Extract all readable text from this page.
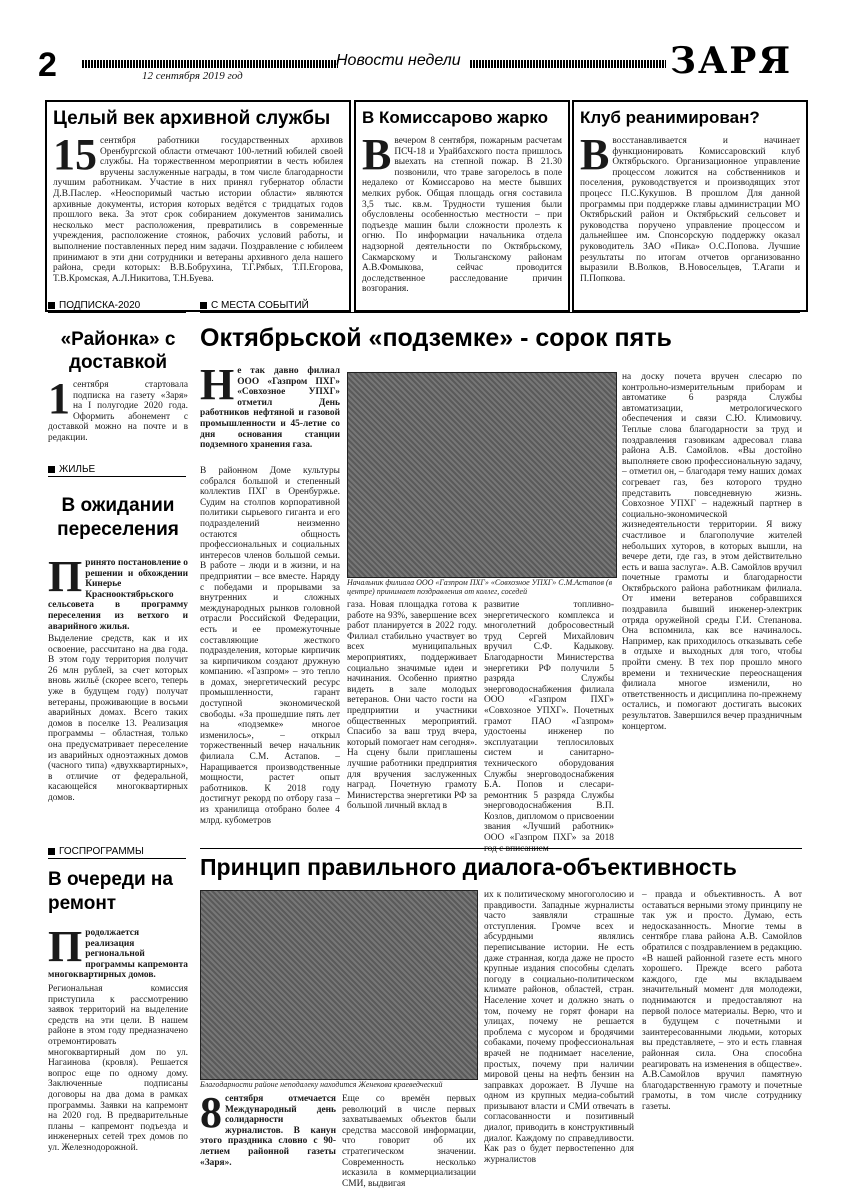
2	12 сентября 2019 год
Новости недели	ЗАРЯ
Целый век архивной службы
15 сентября работники государственных архивов Оренбургской области отмечают 100-летний юбилей своей службы. На торжественном мероприятии в честь юбилея вручены заслуженные награды, в том числе благодарности лучшим работникам. Участие в них принял губернатор области Д.В.Паслер. «Неоспоримый частью истории области» являются архивные документы, история которых ведётся с тридцатых годов прошлого века. За этот срок собиранием документов занимались несколько мест расположения, превратились в современные учреждения, расположение стоянок, рабочих условий работы, и выполнение поставленных перед ним задачи. Поздравление с юбилеем принимают в эти дни сотрудники и ветераны архивного дела нашего района, среди которых: В.В.Бобрухина, Т.Г.Рябых, Т.П.Егорова, Т.В.Кромская, А.Л.Никитова, Т.Н.Буева.
В Комиссарово жарко
В вечером 8 сентября, пожарным расчетам ПСЧ-18 и Урайбахского поста пришлось выехать на степной пожар. В 21.30 позвонили, что траве загорелось в поле недалеко от Комиссарово на месте бывших мелких рубок. Общая площадь огня составила 3,5 тыс. кв.м. Трудности тушения были обусловлены особенностью местности – при подъезде машин были сложности пролезть к огню. По информации начальника отдела надзорной деятельности по Октябрьскому, Сакмарскому и Тюльганскому районам А.В.Фомыкова, сейчас проводится доследственное расследование причин возгорания.
Клуб реанимирован?
В восстанавливается и начинает функционировать Комиссаровский клуб Октябрьского. Организационное управление процессом ложится на собственников и поселения, руководствуется и производящих этот процесс П.С.Кукушов. В прошлом Для данной программы при поддержке главы администрации МО Октябрьский район и Октябрьский сельсовет и руководства поручено управление процессом и дальнейшее им. Спонсорскую поддержку оказал руководитель ЗАО «Пика» О.С.Попова. Лучшие результаты по итогам отчетов организованно выразили В.Волков, В.Новосельцев, Т.Агапи и П.Попкова.
ПОДПИСКА-2020
«Районка» с доставкой
1 сентября стартовала подписка на газету «Заря» на I полугодие 2020 года. Оформить абонемент с доставкой можно на почте и в редакции.
ЖИЛЬЕ
В ожидании переселения
П ринято постановление о решении и обхождении Кинерье Краснооктябрьского сельсовета в программу переселения из ветхого и аварийного жилья.
Выделение средств, как и их освоение, рассчитано на два года. В этом году территория получит 26 млн рублей, за счет которых вновь жильё (скорее всего, теперь уже в будущем году) получат ветераны, проживающие в восьми аварийных домах. Всего таких домов в поселке 13. Реализация программы – областная, только она предусматривает переселение из аварийных одноэтажных домов (часного типа) «двухквартирных», в отличие от федеральной, касающейся многоквартирных домов.
ГОСПРОГРАММЫ
В очереди на ремонт
П родолжается реализация региональной программы капремонта многоквартирных домов.
Региональная комиссия приступила к рассмотрению заявок территорий на выделение средств на эти цели. В нашем районе в этом году предназначено отремонтировать многоквартирный дом по ул. Нагаинова (кровля). Решается вопрос еще по одному дому. Заключенные подписаны договоры на два дома в рамках программы. Заявки на капремонт на 2020 год. В предварительные планы – капремонт подъезда и инженерных сетей трех домов по ул. Железнодорожной.
С МЕСТА СОБЫТИЙ
Октябрьской «подземке» - сорок пять
Н е так давно филиал ООО «Газпром ПХГ» «Совхозное УПХГ» отметил День работников нефтяной и газовой промышленности и 45-летие со дня основания станции подземного хранения газа.
В районном Доме культуры собрался большой и степенный коллектив ПХГ в Оренбуржье. Судим на столпов корпоративной политики сырьевого гиганта и его подразделений неизменно остаются общность профессиональных и социальных интересов членов большой семьи. В работе – люди и в жизни, и на предприятии – все вместе. Наряду с победами и прорывами за внутренних и сложных международных рынков головной отрасли Российской Федерации, есть и ее промежуточные составляющие жесткого подразделения, которые кирпичик за кирпичиком создают дружную компанию. «Газпром» – это тепло в домах, энергетический ресурс промышленности, гарант доступной экономической свободы. «За прошедшие пять лет на «подземке» многое изменилось», – открыл торжественный вечер начальник филиала С.М. Астапов. – Наращивается производственные мощности, растет опыт работников. К 2018 году достигнут рекорд по отбору газа – из хранилища отобрано более 4 млрд. кубометров
Начальник филиала ООО «Газпром ПХГ» «Совхозное УПХГ» С.М.Астапов (в центре) принимает поздравления от коллег, соседей
газа. Новая площадка готова к работе на 93%, завершение всех работ планируется в 2022 году. Филиал стабильно участвует во всех муниципальных мероприятиях, поддерживает социально значимые идеи и начинания. Особенно приятно видеть в зале молодых ветеранов. Они часто гости на предприятии и участники общественных мероприятий. Спасибо за ваш труд вчера, который помогает нам сегодня». На сцену были приглашены лучшие работники предприятия для вручения заслуженных наград. Почетную грамоту Министерства энергетики РФ за большой личный вклад в
развитие топливно-энергетического комплекса и многолетний добросовестный труд Сергей Михайлович вручил С.Ф. Кадыкову. Благодарности Министерства энергетики РФ получили 5 разряда Службы энерговодоснабжения филиала ООО «Газпром ПХГ» «Совхозное УПХГ». Почетных грамот ПАО «Газпром» удостоены инженер по эксплуатации теплосиловых систем и санитарно-технического оборудования Службы энерговодоснабжения Б.А. Попов и слесари-ремонтник 5 разряда Службы энерговодоснабжения В.П. Козлов, дипломом о присвоении звания «Лучший работник» ООО «Газпром ПХГ» за 2018
на доску почета вручен слесарю по контрольно-измерительным приборам и автоматике 6 разряда Службы автоматизации, метрологического обеспечения и связи С.Ю. Климовичу. Теплые слова благодарности за труд и поздравления газовикам адресовал глава района А.В. Самойлов. «Вы достойно выполняете свою профессиональную задачу, – отметил он, – благодаря тему наших домах согревает газ, без которого трудно представить повседневную жизнь. Совхозное УПХГ – надежный партнер в социально-экономической жизнедеятельности территории. Я вижу счастливое и благополучие жителей небольших хуторов, в которых вышли, на вечере дети, где газ, в этом действительно есть и ваша заслуга». А.В. Самойлов вручил почетные грамоты и благодарности Октябрьского района работникам филиала. От имени ветеранов собравшихся поздравила бывший инженер-электрик отряда оружейной среды Г.И. Степанова. Она вспомнила, как все начиналось. Например, как приходилось отказывать себе в отдыхе и выходных для того, чтобы пройти смену. В тех пор прошло много времени и технические переоснащения филиала многое изменили, но ответственность и дисциплина по-прежнему остались, и помогают достигать высоких результатов. Завершился вечер праздничным концертом.
Принцип правильного диалога-объективность
Благодарности районе неподалеку находится Женекова краеведческий
8 сентября отмечается Международный день солидарности журналистов. В канун этого праздника словно с 90-летием районной газеты «Заря».
Еще со времён первых революций в числе первых захватываемых объектов были средства массовой информации, что говорит об их стратегическом значении. Современность несколько исказила в коммерциализации СМИ, выдвигая
их к политическому многоголосию и правдивости. Западные журналисты часто заявляли страшные отступления. Громче всех и абсурдными являлись переписывание истории. Не есть даже странная, когда даже не просто крупные издания способны сделать погоду в социально-политическом климате районов, областей, стран. Население хочет и должно знать о том, почему не горят фонари на улицах, почему не решается проблема с мусором и бродячими собаками, почему профессиональная врачей не поднимает население, простых, почему при наличии мировой цены на нефть бензин на заправках дорожает. В Лучше на одном из крупных медиа-событий призывают власти и СМИ отвечать в согласованности и позитивный диалог, приводить в конструктивный диалог. Каждому по справедливости. Как раз о будет первостепенно для журналистов
– правда и объективность. А вот оставаться верными этому принципу не так уж и просто. Думаю, есть недосказанность. Многие темы в сентябре глава района А.В. Самойлов обратился с поздравлением в редакцию. «В нашей районной газете есть много хорошего. Прежде всего работа каждого, где мы вкладываем значительный момент для молодежи, поднимаются и предоставляют на первой полосе материалы. Верю, что и в будущем с почетными и заинтересованными людьми, которых вы представляете, – это и есть главная районная сила. Она способна реагировать на изменения в обществе». А.В.Самойлов вручил памятную благодарственную грамоту и почетные грамоты, в том числе сотруднику газеты.
